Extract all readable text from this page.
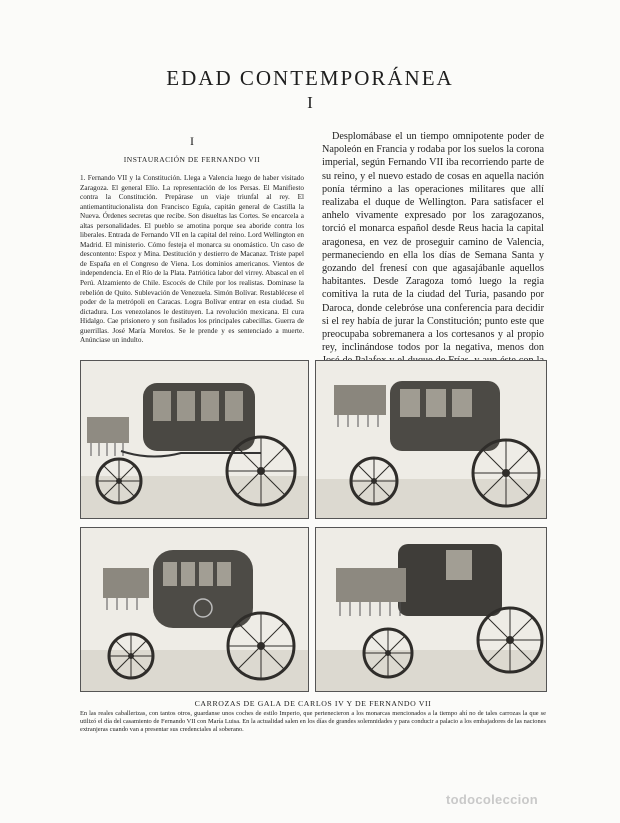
EDAD CONTEMPORÁNEA
I
I
INSTAURACIÓN DE FERNANDO VII

1. Fernando VII y la Constitución. Llega a Valencia luego de haber visitado Zaragoza. El general Elío. La representación de los Persas. El Manifiesto contra la Constitución. Prepárase un viaje triunfal al rey. El antiemantitucionalista don Francisco Eguía, capitán general de Castilla la Nueva. Órdenes secretas que recibe. Son disueltas las Cortes. Se encarcela a altas personalidades. El pueblo se amotina porque sea aboride contra los liberales. Entrada de Fernando VII en la capital del reino. Lord Wellington en Madrid. El ministerio. Cómo festeja el monarca su onomástico. Un caso de descontento: Espoz y Mina. Destitución y destierro de Macanaz. Triste papel de España en el Congreso de Viena. Los dominios americanos. Vientos de independencia. En el Río de la Plata. Patriótica labor del virrey. Abascal en el Perú. Alzamiento de Chile. Escocés de Chile por los realistas. Dominase la rebelión de Quito. Sublevación de Venezuela. Simón Bolívar. Restablécese el poder de la metrópoli en Caracas. Logra Bolívar entrar en esta ciudad. Su dictadura. Los venezolanos le destituyen. La revolución mexicana. El cura Hidalgo. Cae prisionero y son fusilados los principales cabecillas. Guerra de guerrillas. José María Morelos. Se le prende y es sentenciado a muerte. Anúnciase un indulto.

Desplomábase el un tiempo omnipotente poder de Napoleón en Francia y rodaba por los suelos la corona imperial, según Fernando VII iba recorriendo parte de su reino, y el nuevo estado de cosas en aquella nación ponía término a las operaciones militares que allí realizaba el duque de Wellington. Para satisfacer el anhelo vivamente expresado por los zaragozanos, torció el monarca español desde Reus hacia la capital aragonesa, en vez de proseguir camino de Valencia, permaneciendo en ella los días de Semana Santa y gozando del frenesí con que agasajábanle aquellos habitantes. Desde Zaragoza tomó luego la regia comitiva la ruta de la ciudad del Turia, pasando por Daroca, donde celebróse una conferencia para decidir si el rey había de jurar la Constitución; punto este que preocupaba sobremanera a los cortesanos y al propio rey, inclinándose todos por la negativa, menos don

CARROZAS DE GALA DE CARLOS IV Y DE FERNANDO VII

En las reales caballerizas, con tantos otros, guardanse unos coches de estilo Imperio, que pertenecieron a los monarcas mencionados a la tiempo ahí no de tales carrozas la que se utilizó el día del casamiento de Fernando VII con María Luisa. En la actualidad salen en los días de grandes solemnidades y para conducir a palacio a los embajadores de las naciones extranjeras cuando van a presentar sus credenciales al soberano.

todocoleccion
